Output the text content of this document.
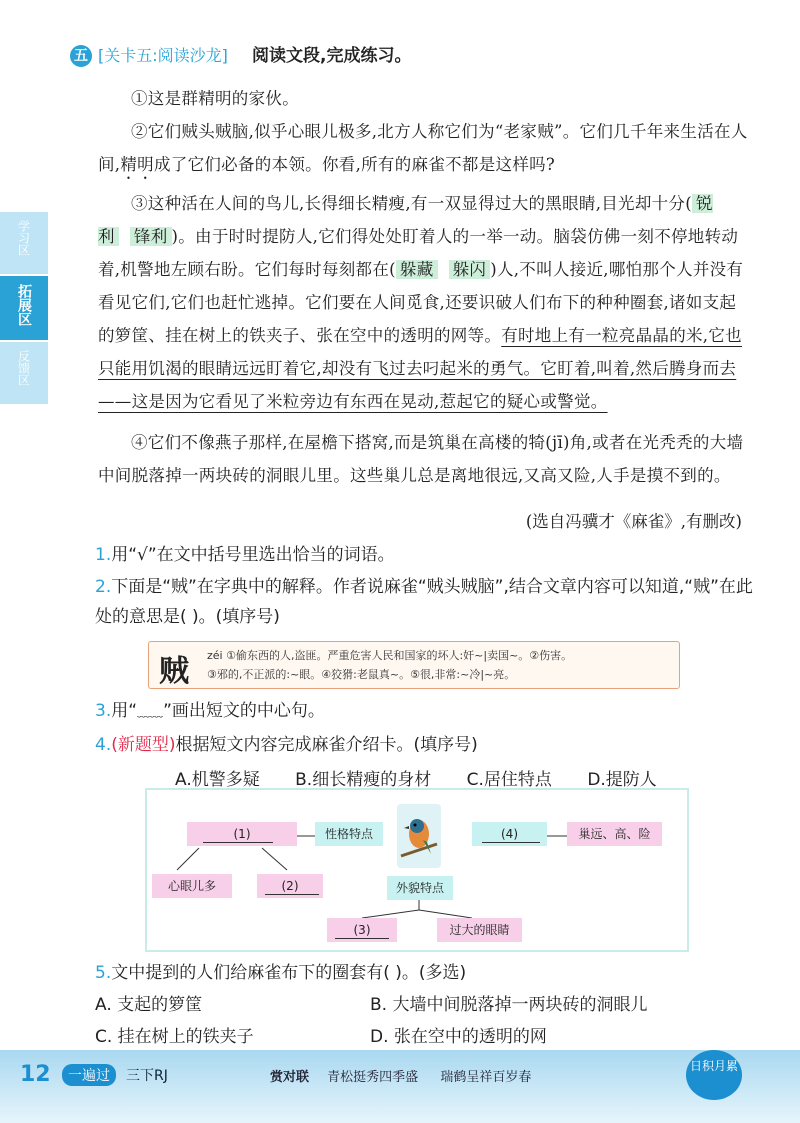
学习区
拓展区
反馈区
五 [关卡五:阅读沙龙] 阅读文段,完成练习。

①这是群精明的家伙。

②它们贼头贼脑,似乎心眼儿极多,北方人称它们为“老家贼”。它们几千年来生活在人间,精明成了它们必备的本领。你看,所有的麻雀不都是这样吗?

③这种活在人间的鸟儿,长得细长精瘦,有一双显得过大的黑眼睛,目光却十分( 锐利 锋利 )。由于时时提防人,它们得处处盯着人的一举一动。脑袋仿佛一刻不停地转动着,机警地左顾右盼。它们每时每刻都在( 躲藏 躲闪 )人,不叫人接近,哪怕那个人并没有看见它们,它们也赶忙逃掉。它们要在人间觅食,还要识破人们布下的种种圈套,诸如支起的箩筐、挂在树上的铁夹子、张在空中的透明的网等。有时地上有一粒亮晶晶的米,它也只能用饥渴的眼睛远远盯着它,却没有飞过去叼起米的勇气。它盯着,叫着,然后腾身而去——这是因为它看见了米粒旁边有东西在晃动,惹起它的疑心或警觉。

④它们不像燕子那样,在屋檐下搭窝,而是筑巢在高楼的犄(jī)角,或者在光秃秃的大墙中间脱落掉一两块砖的洞眼儿里。这些巢儿总是离地很远,又高又险,人手是摸不到的。

(选自冯骥才《麻雀》,有删改)
1.用“√”在文中括号里选出恰当的词语。
2.下面是“贼”在字典中的解释。作者说麻雀“贼头贼脑”,结合文章内容可以知道,“贼”在此处的意思是( )。(填序号)
贼 zéi ①偷东西的人,盗匪。严重危害人民和国家的坏人:奸~|卖国~。②伤害。
③邪的,不正派的:~眼。④狡猾:老鼠真~。⑤很,非常:~冷|~亮。
3.用“﹏﹏”画出短文的中心句。
4.(新题型)根据短文内容完成麻雀介绍卡。(填序号)
A.机警多疑 B.细长精瘦的身材 C.居住特点 D.提防人
(1)	性格特点	(4)	巢远、高、险
心眼儿多	(2)	外貌特点
(3)	过大的眼睛
5.文中提到的人们给麻雀布下的圈套有( )。(多选)
A. 支起的箩筐	B. 大墙中间脱落掉一两块砖的洞眼儿
C. 挂在树上的铁夹子	D. 张在空中的透明的网
12	一遍过	三下RJ	赏对联 青松挺秀四季盛 瑞鹤呈祥百岁春
日积月累
